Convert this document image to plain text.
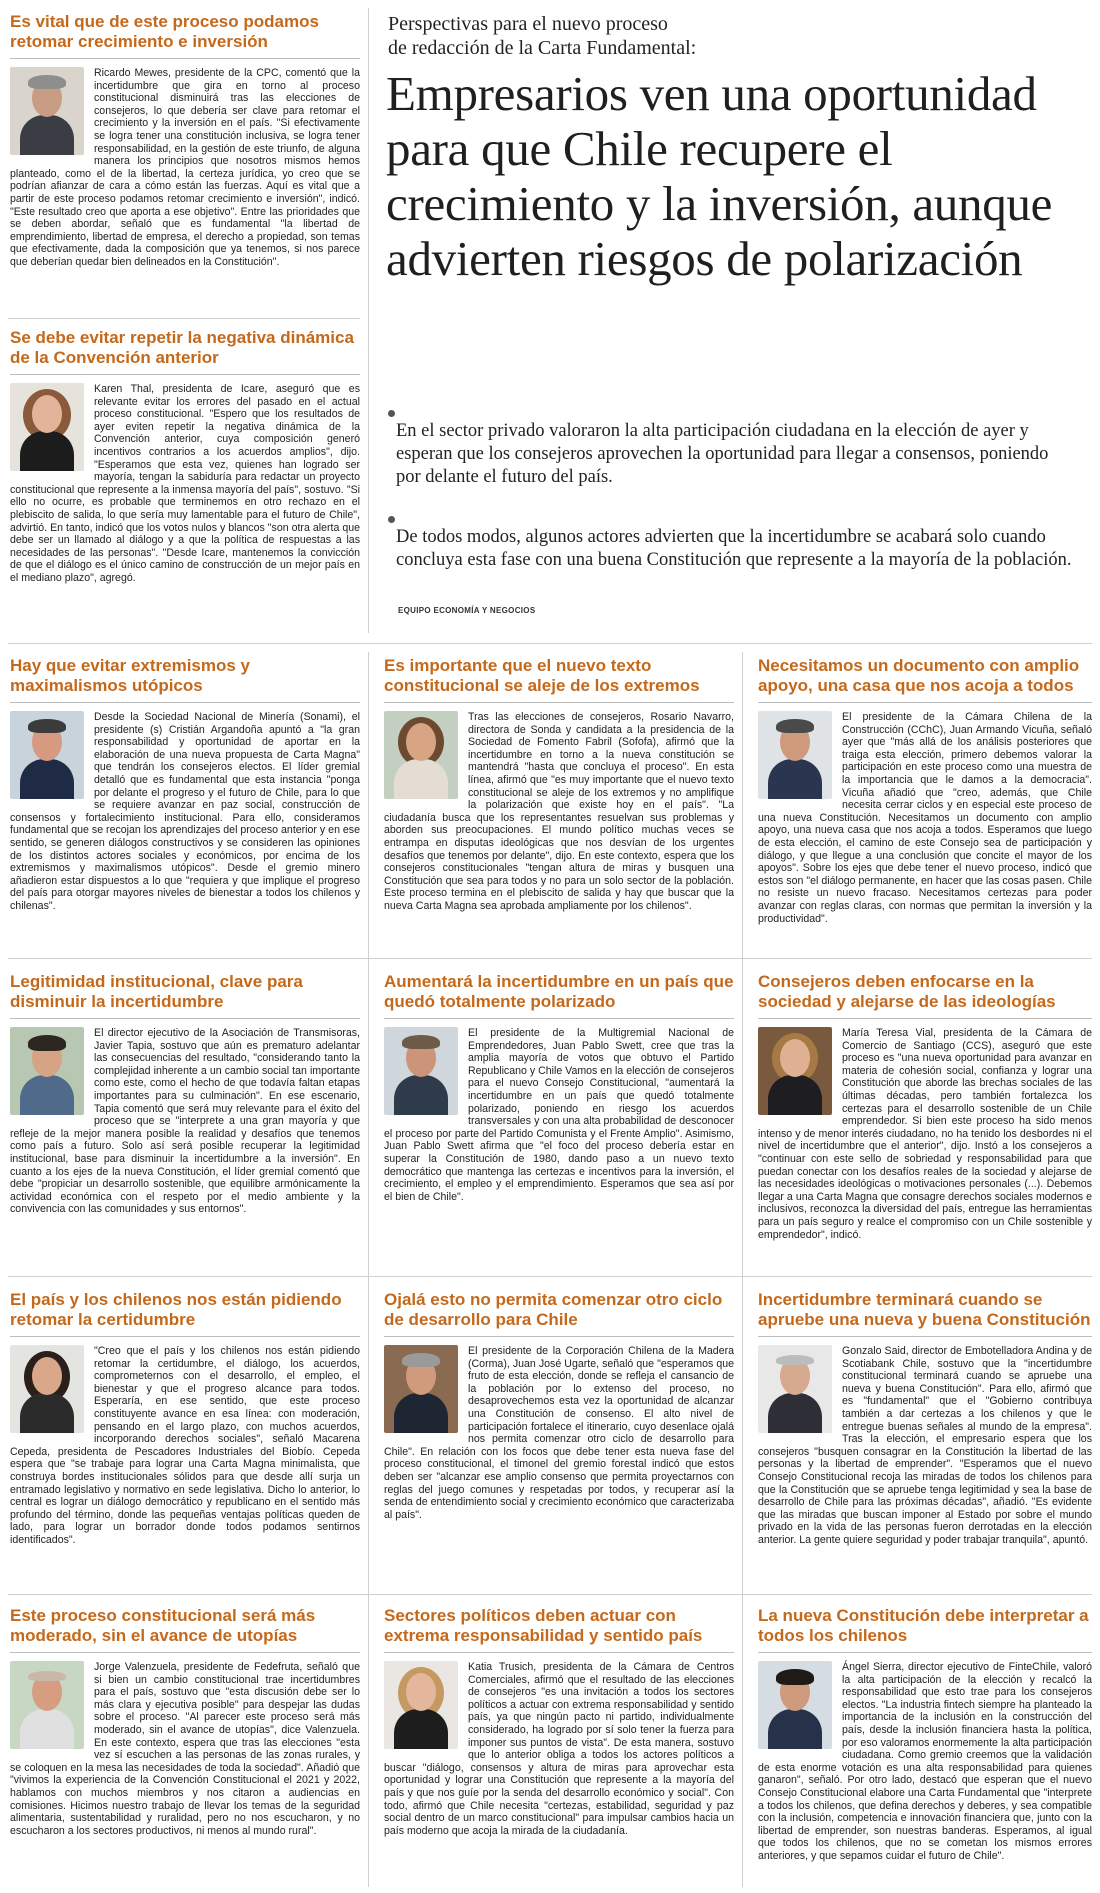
Perspectivas para el nuevo proceso
de redacción de la Carta Fundamental:
Empresarios ven una oportunidad para que Chile recupere el crecimiento y la inversión, aunque advierten riesgos de polarización
En el sector privado valoraron la alta participación ciudadana en la elección de ayer y esperan que los consejeros aprovechen la oportunidad para llegar a consensos, poniendo por delante el futuro del país.
De todos modos, algunos actores advierten que la incertidumbre se acabará solo cuando concluya esta fase con una buena Constitución que represente a la mayoría de la población.
EQUIPO ECONOMÍA Y NEGOCIOS
Es vital que de este proceso podamos retomar crecimiento e inversión

Ricardo Mewes, presidente de la CPC, comentó que la incertidumbre que gira en torno al proceso constitucional disminuirá tras las elecciones de consejeros, lo que debería ser clave para retomar el crecimiento y la inversión en el país. "Si efectivamente se logra tener una constitución inclusiva, se logra tener responsabilidad, en la gestión de este triunfo, de alguna manera los principios que nosotros mismos hemos planteado, como el de la libertad, la certeza jurídica, yo creo que se podrían afianzar de cara a cómo están las fuerzas. Aquí es vital que a partir de este proceso podamos retomar crecimiento e inversión", indicó. "Este resultado creo que aporta a ese objetivo". Entre las prioridades que se deben abordar, señaló que es fundamental "la libertad de emprendimiento, libertad de empresa, el derecho a propiedad, son temas que efectivamente, dada la composición que ya tenemos, si nos parece que deberían quedar bien delineados en la Constitución".

Se debe evitar repetir la negativa dinámica de la Convención anterior

Karen Thal, presidenta de Icare, aseguró que es relevante evitar los errores del pasado en el actual proceso constitucional. "Espero que los resultados de ayer eviten repetir la negativa dinámica de la Convención anterior, cuya composición generó incentivos contrarios a los acuerdos amplios", dijo. "Esperamos que esta vez, quienes han logrado ser mayoría, tengan la sabiduría para redactar un proyecto constitucional que represente a la inmensa mayoría del país", sostuvo. "Si ello no ocurre, es probable que terminemos en otro rechazo en el plebiscito de salida, lo que sería muy lamentable para el futuro de Chile", advirtió. En tanto, indicó que los votos nulos y blancos "son otra alerta que debe ser un llamado al diálogo y a que la política de respuestas a las necesidades de las personas". "Desde Icare, mantenemos la convicción de que el diálogo es el único camino de construcción de un mejor país en el mediano plazo", agregó.

Hay que evitar extremismos y maximalismos utópicos

Desde la Sociedad Nacional de Minería (Sonami), el presidente (s) Cristián Argandoña apuntó a "la gran responsabilidad y oportunidad de aportar en la elaboración de una nueva propuesta de Carta Magna" que tendrán los consejeros electos. El líder gremial detalló que es fundamental que esta instancia "ponga por delante el progreso y el futuro de Chile, para lo que se requiere avanzar en paz social, construcción de consensos y fortalecimiento institucional. Para ello, consideramos fundamental que se recojan los aprendizajes del proceso anterior y en ese sentido, se generen diálogos constructivos y se consideren las opiniones de los distintos actores sociales y económicos, por encima de los extremismos y maximalismos utópicos". Desde el gremio minero añadieron estar dispuestos a lo que "requiera y que implique el progreso del país para otorgar mayores niveles de bienestar a todos los chilenos y chilenas".

Es importante que el nuevo texto constitucional se aleje de los extremos

Tras las elecciones de consejeros, Rosario Navarro, directora de Sonda y candidata a la presidencia de la Sociedad de Fomento Fabril (Sofofa), afirmó que la incertidumbre en torno a la nueva constitución se mantendrá "hasta que concluya el proceso". En esta línea, afirmó que "es muy importante que el nuevo texto constitucional se aleje de los extremos y no amplifique la polarización que existe hoy en el país". "La ciudadanía busca que los representantes resuelvan sus problemas y aborden sus preocupaciones. El mundo político muchas veces se entrampa en disputas ideológicas que nos desvían de los urgentes desafíos que tenemos por delante", dijo. En este contexto, espera que los consejeros constitucionales "tengan altura de miras y busquen una Constitución que sea para todos y no para un solo sector de la población. Este proceso termina en el plebiscito de salida y hay que buscar que la nueva Carta Magna sea aprobada ampliamente por los chilenos".

Necesitamos un documento con amplio apoyo, una casa que nos acoja a todos

El presidente de la Cámara Chilena de la Construcción (CChC), Juan Armando Vicuña, señaló ayer que "más allá de los análisis posteriores que traiga esta elección, primero debemos valorar la participación en este proceso como una muestra de la importancia que le damos a la democracia". Vicuña añadió que "creo, además, que Chile necesita cerrar ciclos y en especial este proceso de una nueva Constitución. Necesitamos un documento con amplio apoyo, una nueva casa que nos acoja a todos. Esperamos que luego de esta elección, el camino de este Consejo sea de participación y diálogo, y que llegue a una conclusión que concite el mayor de los apoyos". Sobre los ejes que debe tener el nuevo proceso, indicó que estos son "el diálogo permanente, en hacer que las cosas pasen. Chile no resiste un nuevo fracaso. Necesitamos certezas para poder avanzar con reglas claras, con normas que permitan la inversión y la productividad".

Legitimidad institucional, clave para disminuir la incertidumbre

El director ejecutivo de la Asociación de Transmisoras, Javier Tapia, sostuvo que aún es prematuro adelantar las consecuencias del resultado, "considerando tanto la complejidad inherente a un cambio social tan importante como este, como el hecho de que todavía faltan etapas importantes para su culminación". En ese escenario, Tapia comentó que será muy relevante para el éxito del proceso que se "interprete a una gran mayoría y que refleje de la mejor manera posible la realidad y desafíos que tenemos como país a futuro. Solo así será posible recuperar la legitimidad institucional, base para disminuir la incertidumbre a la inversión". En cuanto a los ejes de la nueva Constitución, el líder gremial comentó que debe "propiciar un desarrollo sostenible, que equilibre armónicamente la actividad económica con el respeto por el medio ambiente y la convivencia con las comunidades y sus entornos".

Aumentará la incertidumbre en un país que quedó totalmente polarizado

El presidente de la Multigremial Nacional de Emprendedores, Juan Pablo Swett, cree que tras la amplia mayoría de votos que obtuvo el Partido Republicano y Chile Vamos en la elección de consejeros para el nuevo Consejo Constitucional, "aumentará la incertidumbre en un país que quedó totalmente polarizado, poniendo en riesgo los acuerdos transversales y con una alta probabilidad de desconocer el proceso por parte del Partido Comunista y el Frente Amplio". Asimismo, Juan Pablo Swett afirma que "el foco del proceso debería estar en superar la Constitución de 1980, dando paso a un nuevo texto democrático que mantenga las certezas e incentivos para la inversión, el crecimiento, el empleo y el emprendimiento. Esperamos que sea así por el bien de Chile".

Consejeros deben enfocarse en la sociedad y alejarse de las ideologías

María Teresa Vial, presidenta de la Cámara de Comercio de Santiago (CCS), aseguró que este proceso es "una nueva oportunidad para avanzar en materia de cohesión social, confianza y lograr una Constitución que aborde las brechas sociales de las últimas décadas, pero también fortalezca los certezas para el desarrollo sostenible de un Chile emprendedor. Si bien este proceso ha sido menos intenso y de menor interés ciudadano, no ha tenido los desbordes ni el nivel de incertidumbre que el anterior", dijo. Instó a los consejeros a "continuar con este sello de sobriedad y responsabilidad para que puedan conectar con los desafíos reales de la sociedad y alejarse de las necesidades ideológicas o motivaciones personales (...). Debemos llegar a una Carta Magna que consagre derechos sociales modernos e inclusivos, reconozca la diversidad del país, entregue las herramientas para un país seguro y realce el compromiso con un Chile sostenible y emprendedor", indicó.

El país y los chilenos nos están pidiendo retomar la certidumbre

"Creo que el país y los chilenos nos están pidiendo retomar la certidumbre, el diálogo, los acuerdos, comprometernos con el desarrollo, el empleo, el bienestar y que el progreso alcance para todos. Esperaría, en ese sentido, que este proceso constituyente avance en esa línea: con moderación, pensando en el largo plazo, con muchos acuerdos, incorporando derechos sociales", señaló Macarena Cepeda, presidenta de Pescadores Industriales del Biobío. Cepeda espera que "se trabaje para lograr una Carta Magna minimalista, que construya bordes institucionales sólidos para que desde allí surja un entramado legislativo y normativo en sede legislativa. Dicho lo anterior, lo central es lograr un diálogo democrático y republicano en el sentido más profundo del término, donde las pequeñas ventajas políticas queden de lado, para lograr un borrador donde todos podamos sentirnos identificados".

Ojalá esto no permita comenzar otro ciclo de desarrollo para Chile

El presidente de la Corporación Chilena de la Madera (Corma), Juan José Ugarte, señaló que "esperamos que fruto de esta elección, donde se refleja el cansancio de la población por lo extenso del proceso, no desaprovechemos esta vez la oportunidad de alcanzar una Constitución de consenso. El alto nivel de participación fortalece el itinerario, cuyo desenlace ojalá nos permita comenzar otro ciclo de desarrollo para Chile". En relación con los focos que debe tener esta nueva fase del proceso constitucional, el timonel del gremio forestal indicó que estos deben ser "alcanzar ese amplio consenso que permita proyectarnos con reglas del juego comunes y respetadas por todos, y recuperar así la senda de entendimiento social y crecimiento económico que caracterizaba al país".

Incertidumbre terminará cuando se apruebe una nueva y buena Constitución

Gonzalo Said, director de Embotelladora Andina y de Scotiabank Chile, sostuvo que la "incertidumbre constitucional terminará cuando se apruebe una nueva y buena Constitución". Para ello, afirmó que es "fundamental" que el "Gobierno contribuya también a dar certezas a los chilenos y que le entregue buenas señales al mundo de la empresa". Tras la elección, el empresario espera que los consejeros "busquen consagrar en la Constitución la libertad de las personas y la libertad de emprender". "Esperamos que el nuevo Consejo Constitucional recoja las miradas de todos los chilenos para que la Constitución que se apruebe tenga legitimidad y sea la base de desarrollo de Chile para las próximas décadas", añadió. "Es evidente que las miradas que buscan imponer al Estado por sobre el mundo privado en la vida de las personas fueron derrotadas en la elección anterior. La gente quiere seguridad y poder trabajar tranquila", apuntó.

Este proceso constitucional será más moderado, sin el avance de utopías

Jorge Valenzuela, presidente de Fedefruta, señaló que si bien un cambio constitucional trae incertidumbres para el país, sostuvo que "esta discusión debe ser lo más clara y ejecutiva posible" para despejar las dudas sobre el proceso. "Al parecer este proceso será más moderado, sin el avance de utopías", dice Valenzuela. En este contexto, espera que tras las elecciones "esta vez sí escuchen a las personas de las zonas rurales, y se coloquen en la mesa las necesidades de toda la sociedad". Añadió que "vivimos la experiencia de la Convención Constitucional el 2021 y 2022, hablamos con muchos miembros y nos citaron a audiencias en comisiones. Hicimos nuestro trabajo de llevar los temas de la seguridad alimentaria, sustentabilidad y ruralidad, pero no nos escucharon, y no escucharon a los sectores productivos, ni menos al mundo rural".

Sectores políticos deben actuar con extrema responsabilidad y sentido país

Katia Trusich, presidenta de la Cámara de Centros Comerciales, afirmó que el resultado de las elecciones de consejeros "es una invitación a todos los sectores políticos a actuar con extrema responsabilidad y sentido país, ya que ningún pacto ni partido, individualmente considerado, ha logrado por sí solo tener la fuerza para imponer sus puntos de vista". De esta manera, sostuvo que lo anterior obliga a todos los actores políticos a buscar "diálogo, consensos y altura de miras para aprovechar esta oportunidad y lograr una Constitución que represente a la mayoría del país y que nos guíe por la senda del desarrollo económico y social". Con todo, afirmó que Chile necesita "certezas, estabilidad, seguridad y paz social dentro de un marco constitucional" para impulsar cambios hacia un país moderno que acoja la mirada de la ciudadanía.

La nueva Constitución debe interpretar a todos los chilenos

Ángel Sierra, director ejecutivo de FinteChile, valoró la alta participación de la elección y recalcó la responsabilidad que esto trae para los consejeros electos. "La industria fintech siempre ha planteado la importancia de la inclusión en la construcción del país, desde la inclusión financiera hasta la política, por eso valoramos enormemente la alta participación ciudadana. Como gremio creemos que la validación de esta enorme votación es una alta responsabilidad para quienes ganaron", señaló. Por otro lado, destacó que esperan que el nuevo Consejo Constitucional elabore una Carta Fundamental que "interprete a todos los chilenos, que defina derechos y deberes, y sea compatible con la inclusión, competencia e innovación financiera que, junto con la libertad de emprender, son nuestras banderas. Esperamos, al igual que todos los chilenos, que no se cometan los mismos errores anteriores, y que sepamos cuidar el futuro de Chile".
